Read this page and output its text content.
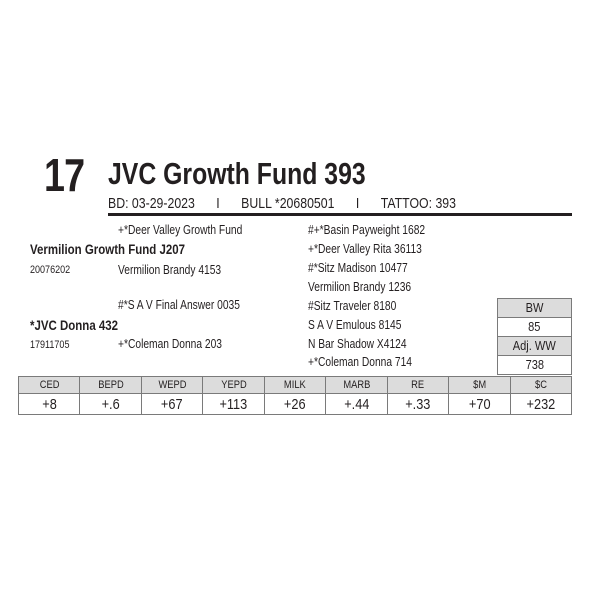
17 JVC Growth Fund 393
BD: 03-29-2023 I BULL *20680501 I TATTOO: 393
+*Deer Valley Growth Fund
Vermilion Growth Fund J207
20076202	Vermilion Brandy 4153
#*S A V Final Answer 0035
*JVC Donna 432
17911705	+*Coleman Donna 203
#+*Basin Payweight 1682
+*Deer Valley Rita 36113
#*Sitz Madison 10477
Vermilion Brandy 1236
#Sitz Traveler 8180
S A V Emulous 8145
N Bar Shadow X4124
+*Coleman Donna 714
BW
85
Adj. WW
738
CED	BEPD	WEPD	YEPD	MILK	MARB	RE	$M	$C
+8	+.6	+67	+113	+26	+.44	+.33	+70	+232
